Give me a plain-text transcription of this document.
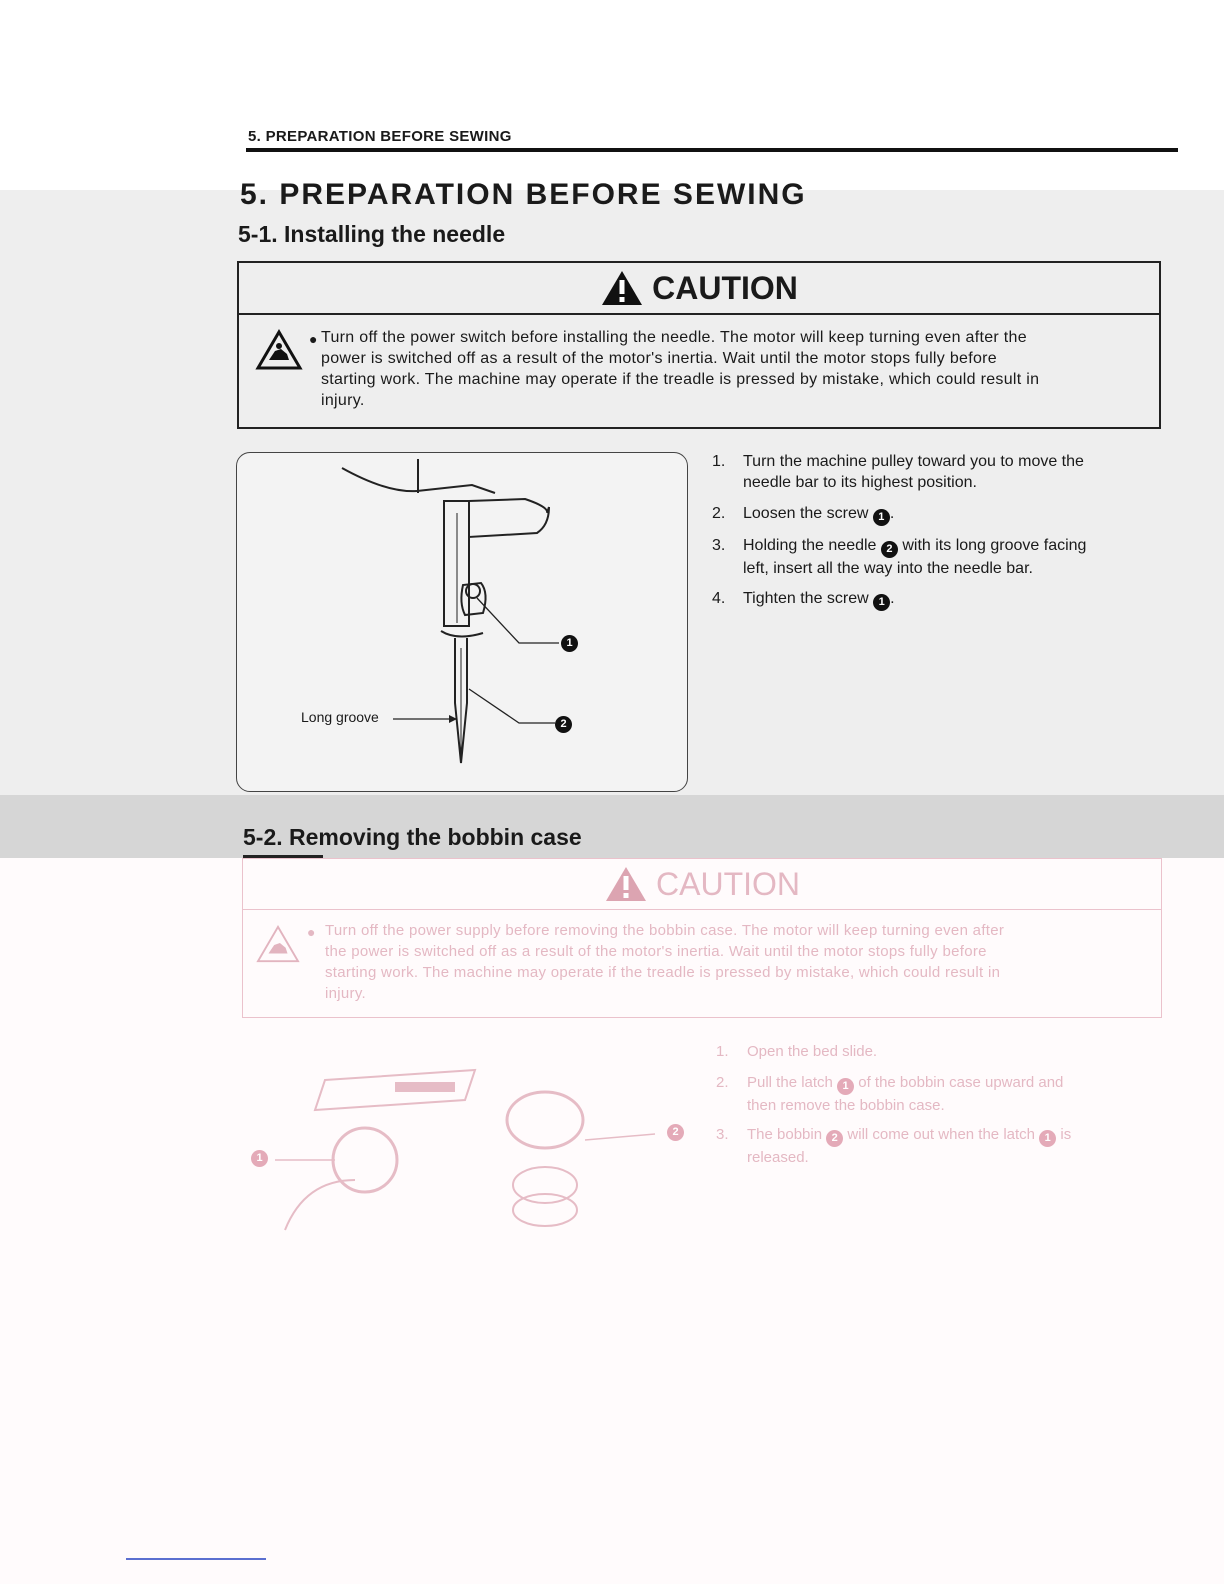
5. PREPARATION BEFORE SEWING
5. PREPARATION BEFORE SEWING
5-1. Installing the needle
CAUTION
● Turn off the power switch before installing the needle. The motor will keep turning even after the
power is switched off as a result of the motor's inertia. Wait until the motor stops fully before
starting work. The machine may operate if the treadle is pressed by mistake, which could result in
injury.
Long groove
1
2
1. Turn the machine pulley toward you to move the
needle bar to its highest position.
2. Loosen the screw 1 .
3. Holding the needle 2 with its long groove facing
left, insert all the way into the needle bar.
4. Tighten the screw 1 .
5-2. Removing the bobbin case
CAUTION
● Turn off the power supply before removing the bobbin case. The motor will keep turning even after
the power is switched off as a result of the motor's inertia. Wait until the motor stops fully before
starting work. The machine may operate if the treadle is pressed by mistake, which could result in
injury.
1
2
1. Open the bed slide.
2. Pull the latch 1 of the bobbin case upward and
then remove the bobbin case.
3. The bobbin 2 will come out when the latch 1 is
released.
